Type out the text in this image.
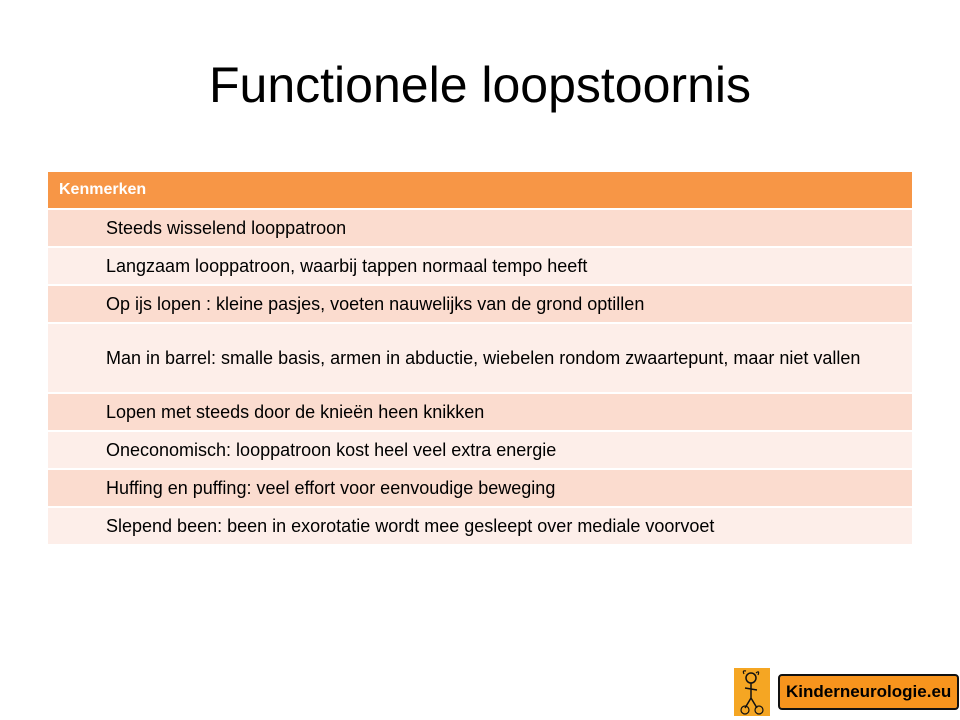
Functionele loopstoornis
Kenmerken
Steeds wisselend looppatroon
Langzaam looppatroon, waarbij tappen normaal tempo heeft
Op ijs lopen : kleine pasjes, voeten nauwelijks van de grond optillen
Man in barrel: smalle basis, armen in abductie, wiebelen rondom zwaartepunt, maar niet vallen
Lopen met steeds door de knieën heen knikken
Oneconomisch: looppatroon kost heel veel extra energie
Huffing en puffing: veel effort voor eenvoudige beweging
Slepend been: been in exorotatie wordt mee gesleept over mediale voorvoet
Kinderneurologie.eu
